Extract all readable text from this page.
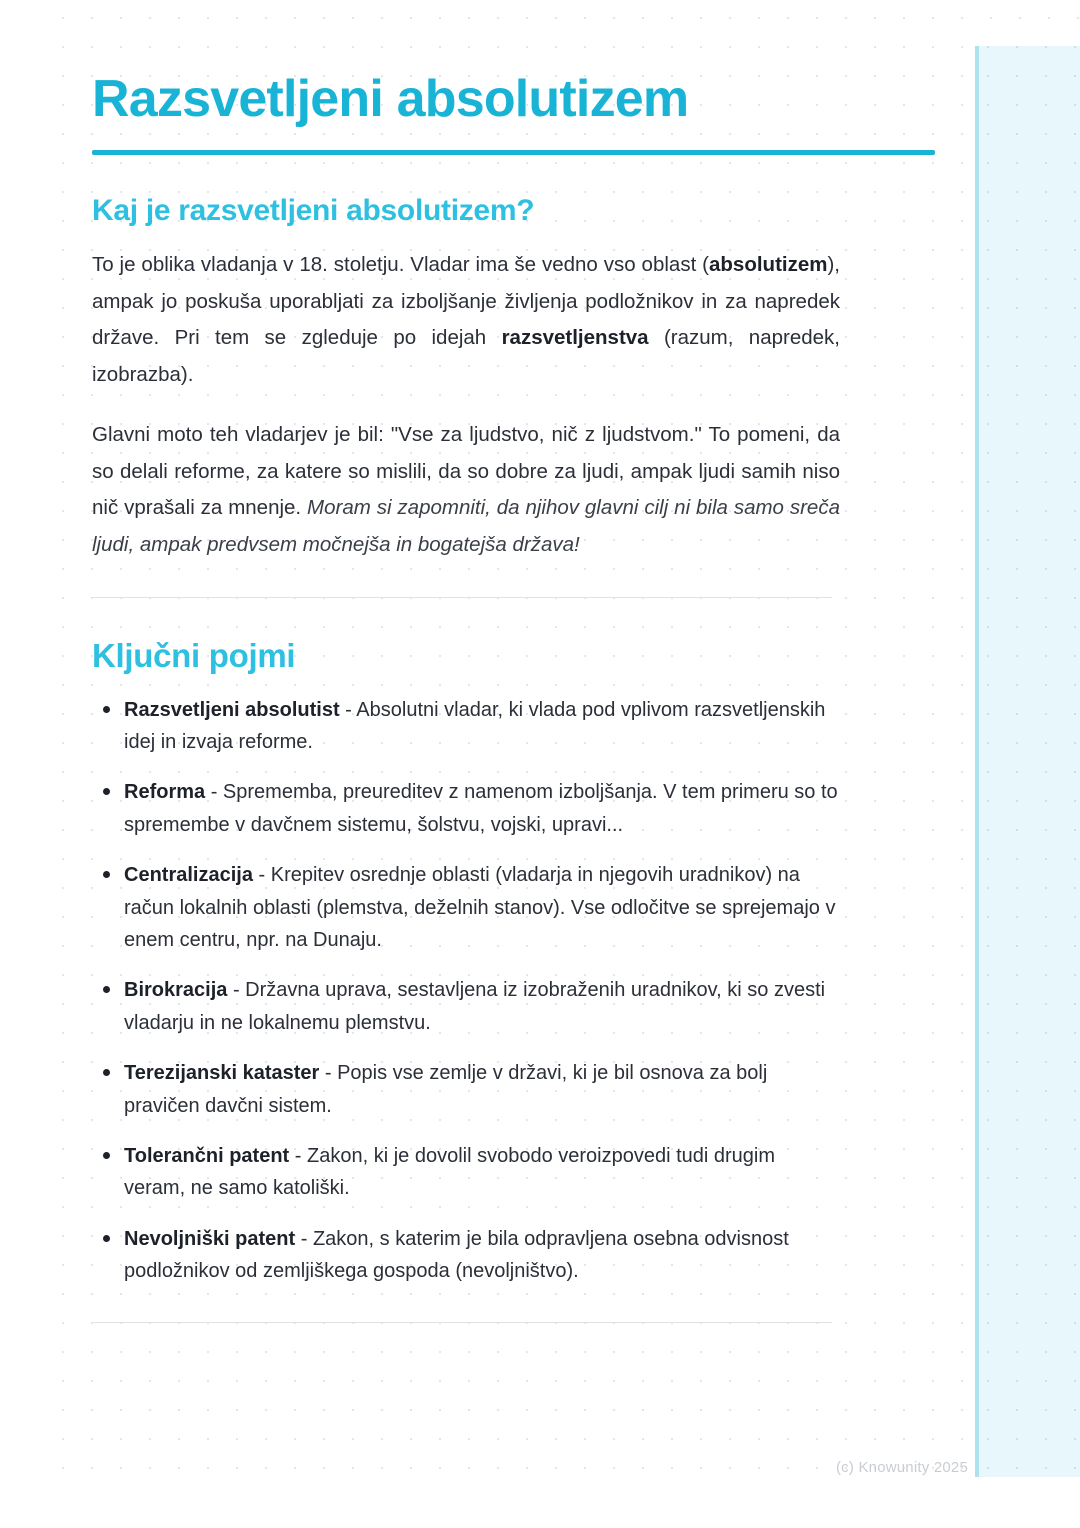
Razsvetljeni absolutizem
Kaj je razsvetljeni absolutizem?

To je oblika vladanja v 18. stoletju. Vladar ima še vedno vso oblast (absolutizem), ampak jo poskuša uporabljati za izboljšanje življenja podložnikov in za napredek države. Pri tem se zgleduje po idejah razsvetljenstva (razum, napredek, izobrazba).

Glavni moto teh vladarjev je bil: "Vse za ljudstvo, nič z ljudstvom." To pomeni, da so delali reforme, za katere so mislili, da so dobre za ljudi, ampak ljudi samih niso nič vprašali za mnenje. Moram si zapomniti, da njihov glavni cilj ni bila samo sreča ljudi, ampak predvsem močnejša in bogatejša država!

Ključni pojmi
Razsvetljeni absolutist - Absolutni vladar, ki vlada pod vplivom razsvetljenskih idej in izvaja reforme.
Reforma - Sprememba, preureditev z namenom izboljšanja. V tem primeru so to spremembe v davčnem sistemu, šolstvu, vojski, upravi...
Centralizacija - Krepitev osrednje oblasti (vladarja in njegovih uradnikov) na račun lokalnih oblasti (plemstva, deželnih stanov). Vse odločitve se sprejemajo v enem centru, npr. na Dunaju.
Birokracija - Državna uprava, sestavljena iz izobraženih uradnikov, ki so zvesti vladarju in ne lokalnemu plemstvu.
Terezijanski kataster - Popis vse zemlje v državi, ki je bil osnova za bolj pravičen davčni sistem.
Tolerančni patent - Zakon, ki je dovolil svobodo veroizpovedi tudi drugim veram, ne samo katoliški.
Nevoljniški patent - Zakon, s katerim je bila odpravljena osebna odvisnost podložnikov od zemljiškega gospoda (nevoljništvo).
(c) Knowunity 2025
